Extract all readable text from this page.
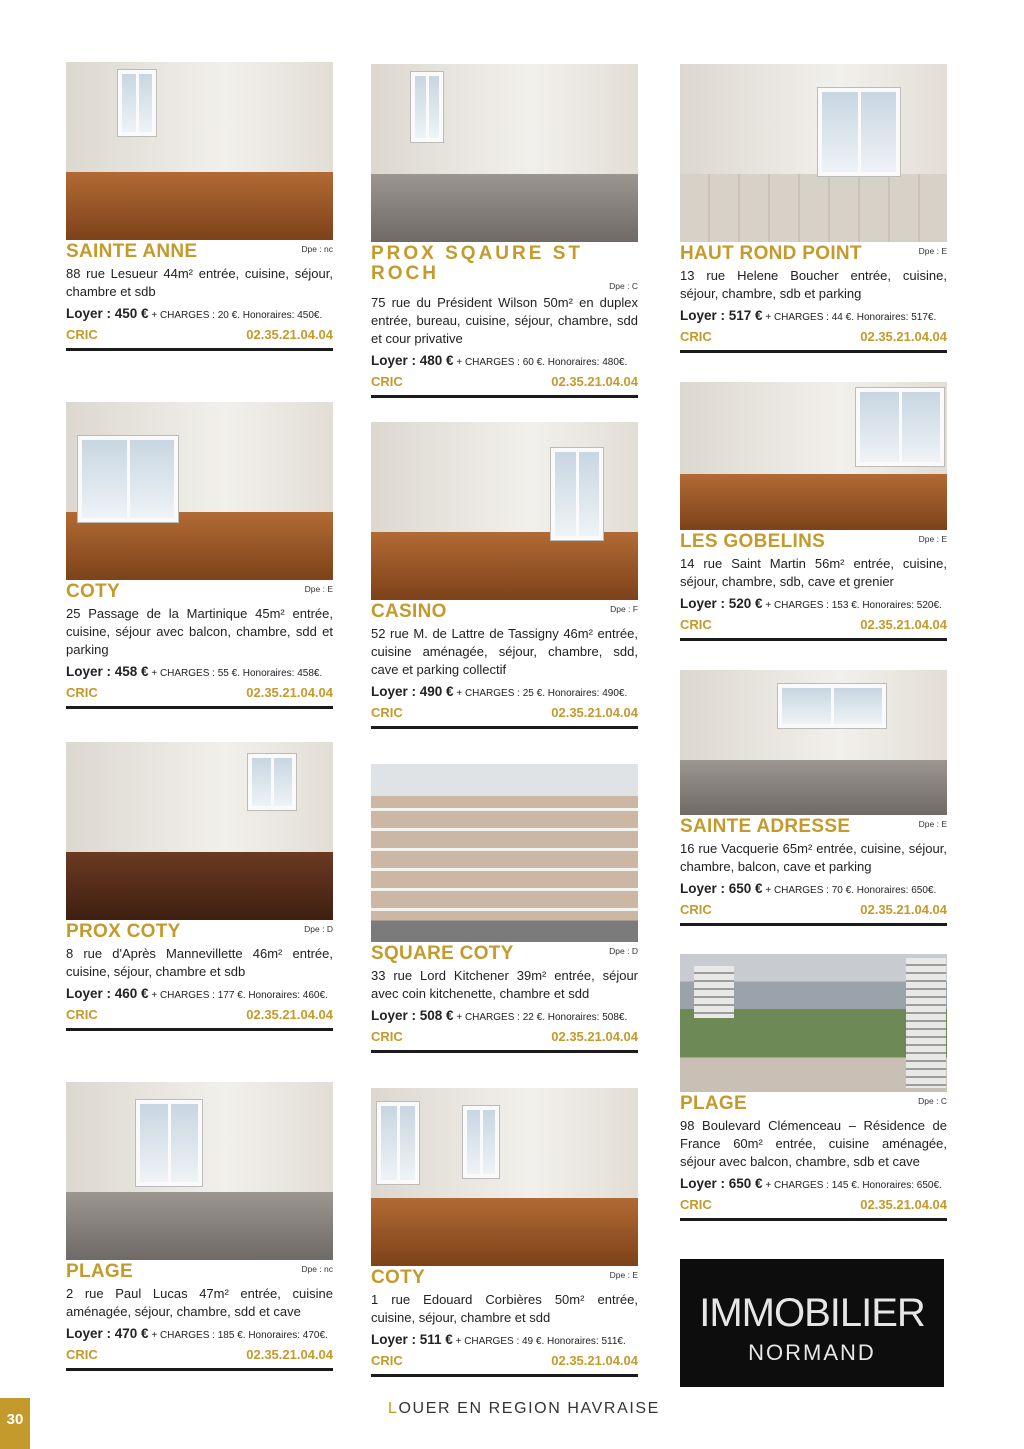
SAINTE ANNE	Dpe : nc
88 rue Lesueur 44m² entrée, cuisine, séjour, chambre et sdb
Loyer : 450 € + CHARGES : 20 €. Honoraires: 450€.
CRIC	02.35.21.04.04
COTY	Dpe : E
25 Passage de la Martinique 45m² entrée, cuisine, séjour avec balcon, chambre, sdd et parking
Loyer : 458 € + CHARGES : 55 €. Honoraires: 458€.
CRIC	02.35.21.04.04
PROX COTY	Dpe : D
8 rue d'Après Mannevillette 46m² entrée, cuisine, séjour, chambre et sdb
Loyer : 460 € + CHARGES : 177 €. Honoraires: 460€.
CRIC	02.35.21.04.04
PLAGE	Dpe : nc
2 rue Paul Lucas 47m² entrée, cuisine aménagée, séjour, chambre, sdd et cave
Loyer : 470 € + CHARGES : 185 €. Honoraires: 470€.
CRIC	02.35.21.04.04
PROX SQAURE ST ROCH
Dpe : C
75 rue du Président Wilson 50m² en duplex entrée, bureau, cuisine, séjour, chambre, sdd et cour privative
Loyer : 480 € + CHARGES : 60 €. Honoraires: 480€.
CRIC	02.35.21.04.04
CASINO	Dpe : F
52 rue M. de Lattre de Tassigny 46m² entrée, cuisine aménagée, séjour, chambre, sdd, cave et parking collectif
Loyer : 490 € + CHARGES : 25 €. Honoraires: 490€.
CRIC	02.35.21.04.04
SQUARE COTY	Dpe : D
33 rue Lord Kitchener 39m² entrée, séjour avec coin kitchenette, chambre et sdd
Loyer : 508 € + CHARGES : 22 €. Honoraires: 508€.
CRIC	02.35.21.04.04
COTY	Dpe : E
1 rue Edouard Corbières 50m² entrée, cuisine, séjour, chambre et sdd
Loyer : 511 € + CHARGES : 49 €. Honoraires: 511€.
CRIC	02.35.21.04.04
HAUT ROND POINT	Dpe : E
13 rue Helene Boucher entrée, cuisine, séjour, chambre, sdb et parking
Loyer : 517 € + CHARGES : 44 €. Honoraires: 517€.
CRIC	02.35.21.04.04
LES GOBELINS	Dpe : E
14 rue Saint Martin 56m² entrée, cuisine, séjour, chambre, sdb, cave et grenier
Loyer : 520 € + CHARGES : 153 €. Honoraires: 520€.
CRIC	02.35.21.04.04
SAINTE ADRESSE	Dpe : E
16 rue Vacquerie 65m² entrée, cuisine, séjour, chambre, balcon, cave et parking
Loyer : 650 € + CHARGES : 70 €. Honoraires: 650€.
CRIC	02.35.21.04.04
PLAGE	Dpe : C
98 Boulevard Clémenceau – Résidence de France 60m² entrée, cuisine aménagée, séjour avec balcon, chambre, sdb et cave
Loyer : 650 € + CHARGES : 145 €. Honoraires: 650€.
CRIC	02.35.21.04.04
IMMOBILIER
NORMAND
30
LOUER EN REGION HAVRAISE
